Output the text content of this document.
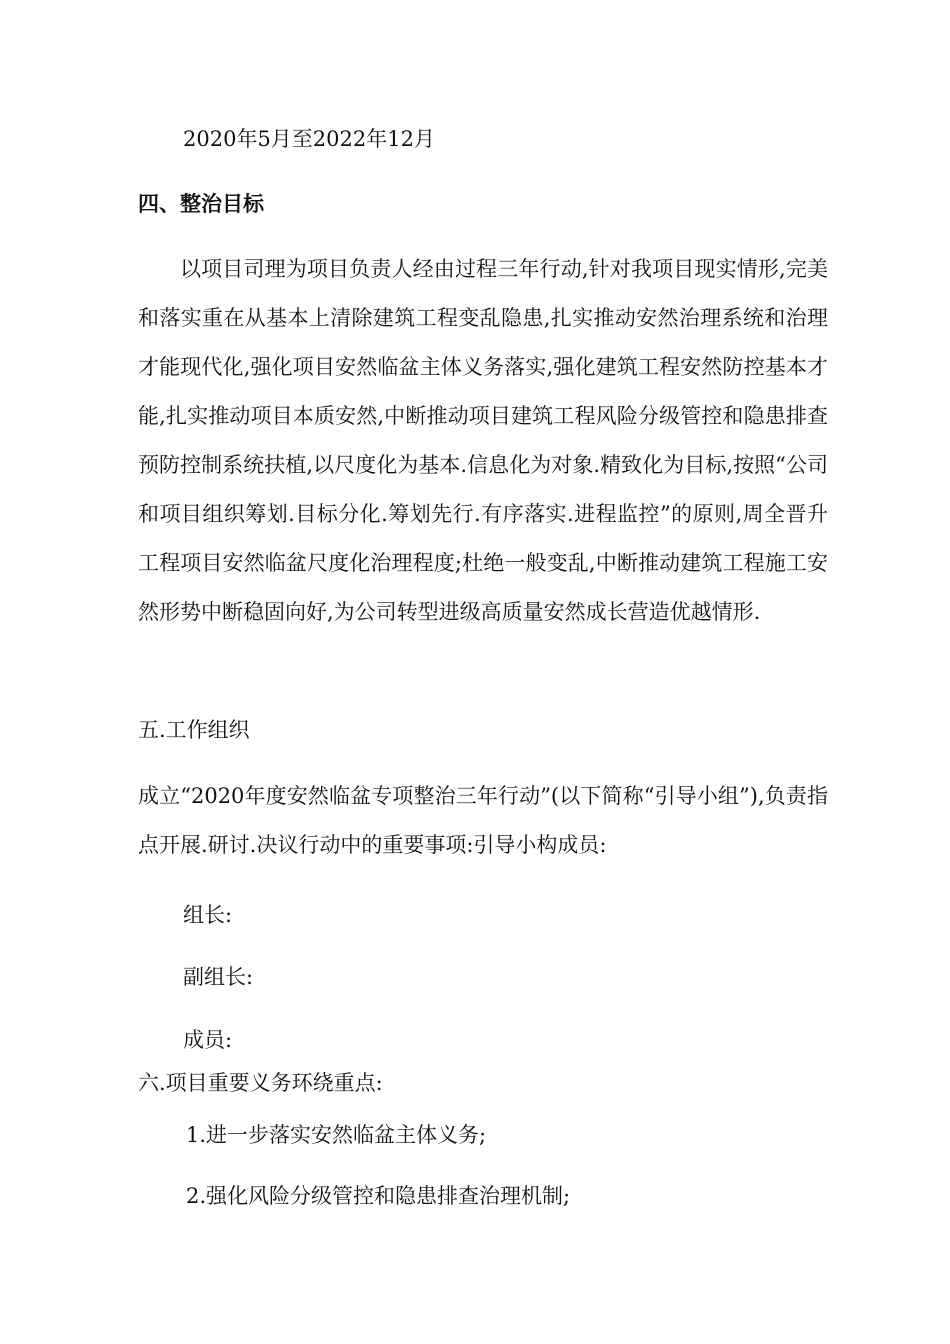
2020年5月至2022年12月

四、整治目标

以项目司理为项目负责人经由过程三年行动,针对我项目现实情形,完美和落实重在从基本上清除建筑工程变乱隐患,扎实推动安然治理系统和治理才能现代化,强化项目安然临盆主体义务落实,强化建筑工程安然防控基本才能,扎实推动项目本质安然,中断推动项目建筑工程风险分级管控和隐患排查预防控制系统扶植,以尺度化为基本.信息化为对象.精致化为目标,按照“公司和项目组织筹划.目标分化.筹划先行.有序落实.进程监控”的原则,周全晋升工程项目安然临盆尺度化治理程度;杜绝一般变乱,中断推动建筑工程施工安然形势中断稳固向好,为公司转型进级高质量安然成长营造优越情形.

五.工作组织

成立“2020年度安然临盆专项整治三年行动”(以下简称“引导小组”),负责指点开展.研讨.决议行动中的重要事项:引导小构成员:

组长:

副组长:

成员:

六.项目重要义务环绕重点:

1.进一步落实安然临盆主体义务;

2.强化风险分级管控和隐患排查治理机制;
